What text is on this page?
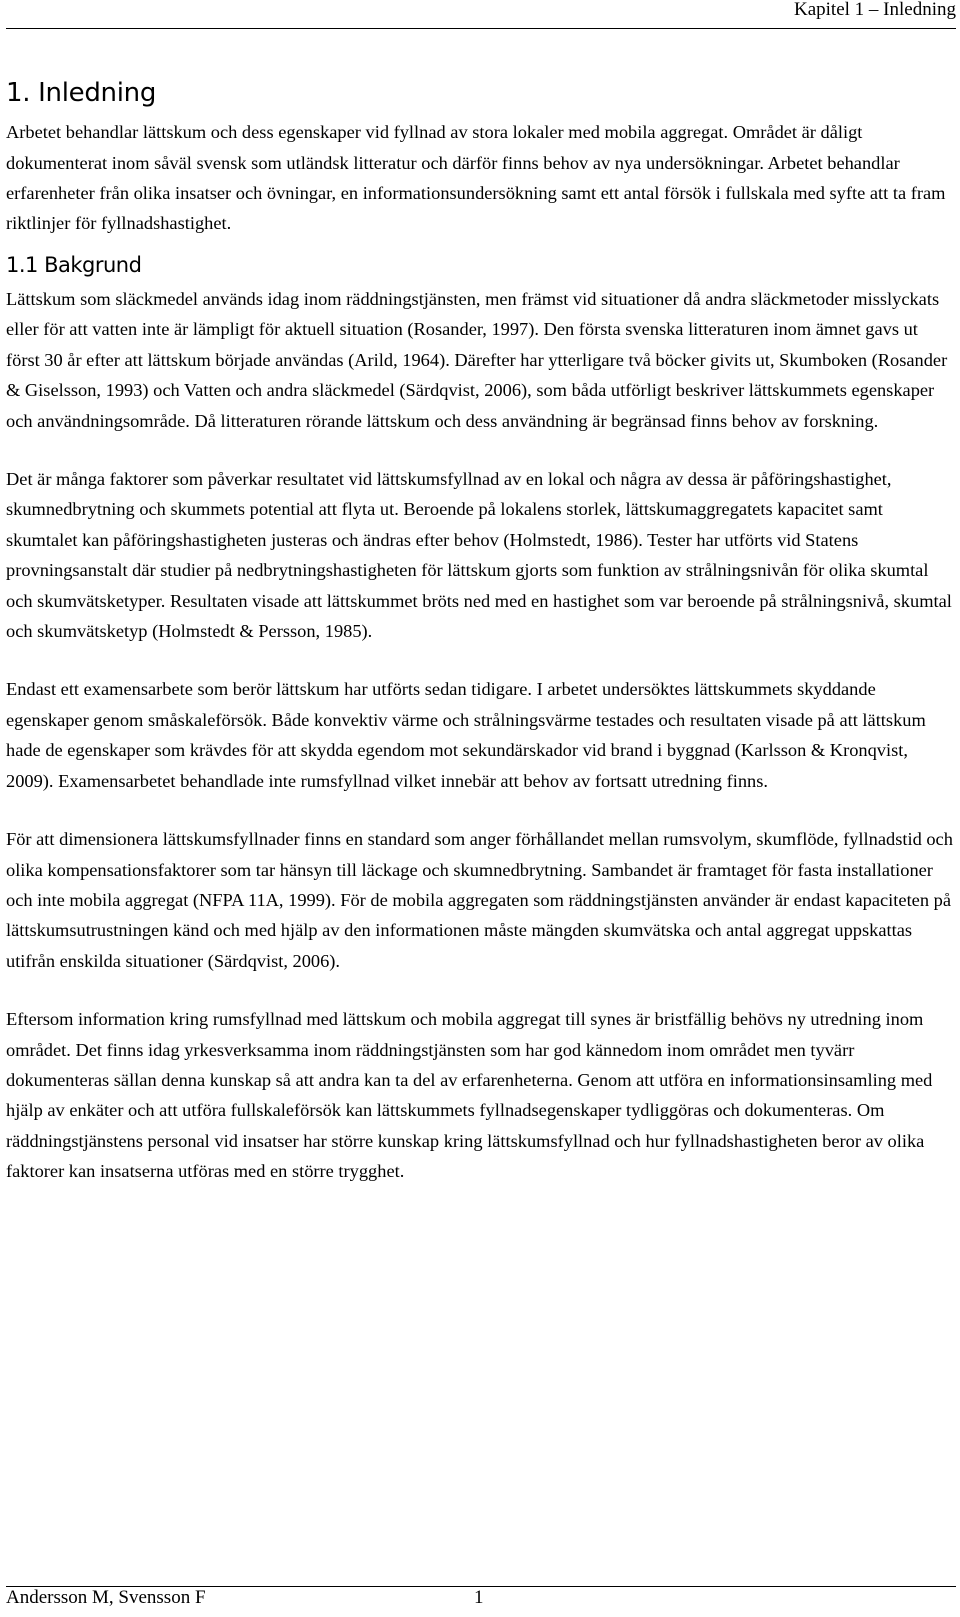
Kapitel 1 – Inledning
1. Inledning

Arbetet behandlar lättskum och dess egenskaper vid fyllnad av stora lokaler med mobila aggregat. Området är dåligt dokumenterat inom såväl svensk som utländsk litteratur och därför finns behov av nya undersökningar. Arbetet behandlar erfarenheter från olika insatser och övningar, en informationsundersökning samt ett antal försök i fullskala med syfte att ta fram riktlinjer för fyllnadshastighet.

1.1 Bakgrund

Lättskum som släckmedel används idag inom räddningstjänsten, men främst vid situationer då andra släckmetoder misslyckats eller för att vatten inte är lämpligt för aktuell situation (Rosander, 1997). Den första svenska litteraturen inom ämnet gavs ut först 30 år efter att lättskum började användas (Arild, 1964). Därefter har ytterligare två böcker givits ut, Skumboken (Rosander & Giselsson, 1993) och Vatten och andra släckmedel (Särdqvist, 2006), som båda utförligt beskriver lättskummets egenskaper och användningsområde. Då litteraturen rörande lättskum och dess användning är begränsad finns behov av forskning.

Det är många faktorer som påverkar resultatet vid lättskumsfyllnad av en lokal och några av dessa är påföringshastighet, skumnedbrytning och skummets potential att flyta ut. Beroende på lokalens storlek, lättskumaggregatets kapacitet samt skumtalet kan påföringshastigheten justeras och ändras efter behov (Holmstedt, 1986). Tester har utförts vid Statens provningsanstalt där studier på nedbrytningshastigheten för lättskum gjorts som funktion av strålningsnivån för olika skumtal och skumvätsketyper. Resultaten visade att lättskummet bröts ned med en hastighet som var beroende på strålningsnivå, skumtal och skumvätsketyp (Holmstedt & Persson, 1985).

Endast ett examensarbete som berör lättskum har utförts sedan tidigare. I arbetet undersöktes lättskummets skyddande egenskaper genom småskaleförsök. Både konvektiv värme och strålningsvärme testades och resultaten visade på att lättskum hade de egenskaper som krävdes för att skydda egendom mot sekundärskador vid brand i byggnad (Karlsson & Kronqvist, 2009). Examensarbetet behandlade inte rumsfyllnad vilket innebär att behov av fortsatt utredning finns.

För att dimensionera lättskumsfyllnader finns en standard som anger förhållandet mellan rumsvolym, skumflöde, fyllnadstid och olika kompensationsfaktorer som tar hänsyn till läckage och skumnedbrytning. Sambandet är framtaget för fasta installationer och inte mobila aggregat (NFPA 11A, 1999). För de mobila aggregaten som räddningstjänsten använder är endast kapaciteten på lättskumsutrustningen känd och med hjälp av den informationen måste mängden skumvätska och antal aggregat uppskattas utifrån enskilda situationer (Särdqvist, 2006).

Eftersom information kring rumsfyllnad med lättskum och mobila aggregat till synes är bristfällig behövs ny utredning inom området. Det finns idag yrkesverksamma inom räddningstjänsten som har god kännedom inom området men tyvärr dokumenteras sällan denna kunskap så att andra kan ta del av erfarenheterna. Genom att utföra en informationsinsamling med hjälp av enkäter och att utföra fullskaleförsök kan lättskummets fyllnadsegenskaper tydliggöras och dokumenteras. Om räddningstjänstens personal vid insatser har större kunskap kring lättskumsfyllnad och hur fyllnadshastigheten beror av olika faktorer kan insatserna utföras med en större trygghet.

Andersson M, Svensson F	1
